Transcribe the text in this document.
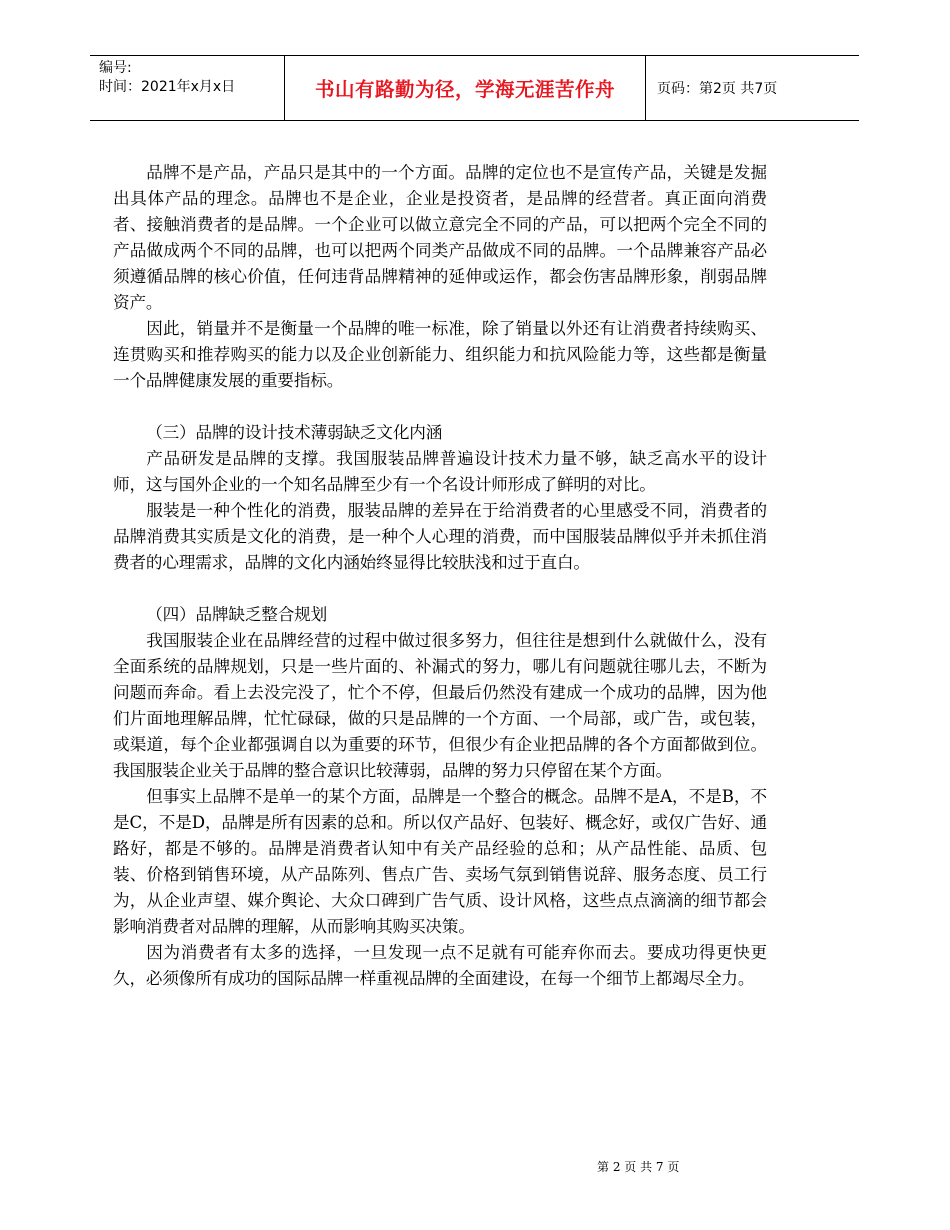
编号:
时间：2021年x月x日	书山有路勤为径，学海无涯苦作舟	页码：第2页 共7页

品牌不是产品，产品只是其中的一个方面。品牌的定位也不是宣传产品，关键是发掘出具体产品的理念。品牌也不是企业，企业是投资者，是品牌的经营者。真正面向消费者、接触消费者的是品牌。一个企业可以做立意完全不同的产品，可以把两个完全不同的产品做成两个不同的品牌，也可以把两个同类产品做成不同的品牌。一个品牌兼容产品必须遵循品牌的核心价值，任何违背品牌精神的延伸或运作，都会伤害品牌形象，削弱品牌资产。

因此，销量并不是衡量一个品牌的唯一标准，除了销量以外还有让消费者持续购买、连贯购买和推荐购买的能力以及企业创新能力、组织能力和抗风险能力等，这些都是衡量一个品牌健康发展的重要指标。

（三）品牌的设计技术薄弱缺乏文化内涵

产品研发是品牌的支撑。我国服装品牌普遍设计技术力量不够，缺乏高水平的设计师，这与国外企业的一个知名品牌至少有一个名设计师形成了鲜明的对比。

服装是一种个性化的消费，服装品牌的差异在于给消费者的心里感受不同，消费者的品牌消费其实质是文化的消费，是一种个人心理的消费，而中国服装品牌似乎并未抓住消费者的心理需求，品牌的文化内涵始终显得比较肤浅和过于直白。

（四）品牌缺乏整合规划

我国服装企业在品牌经营的过程中做过很多努力，但往往是想到什么就做什么，没有全面系统的品牌规划，只是一些片面的、补漏式的努力，哪儿有问题就往哪儿去，不断为问题而奔命。看上去没完没了，忙个不停，但最后仍然没有建成一个成功的品牌，因为他们片面地理解品牌，忙忙碌碌，做的只是品牌的一个方面、一个局部，或广告，或包装，或渠道，每个企业都强调自以为重要的环节，但很少有企业把品牌的各个方面都做到位。我国服装企业关于品牌的整合意识比较薄弱，品牌的努力只停留在某个方面。

但事实上品牌不是单一的某个方面，品牌是一个整合的概念。品牌不是A，不是B，不是C，不是D，品牌是所有因素的总和。所以仅产品好、包装好、概念好，或仅广告好、通路好，都是不够的。品牌是消费者认知中有关产品经验的总和；从产品性能、品质、包装、价格到销售环境，从产品陈列、售点广告、卖场气氛到销售说辞、服务态度、员工行为，从企业声望、媒介舆论、大众口碑到广告气质、设计风格，这些点点滴滴的细节都会影响消费者对品牌的理解，从而影响其购买决策。

因为消费者有太多的选择，一旦发现一点不足就有可能弃你而去。要成功得更快更久，必须像所有成功的国际品牌一样重视品牌的全面建设，在每一个细节上都竭尽全力。

第 2 页 共 7 页
